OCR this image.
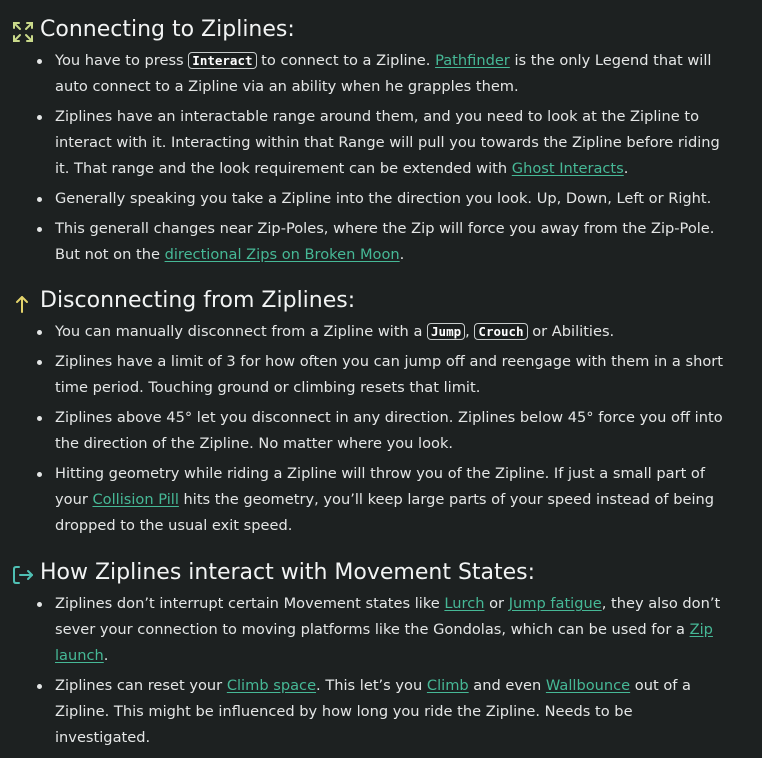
Connecting to Ziplines:
You have to press Interact to connect to a Zipline. Pathfinder is the only Legend that will auto connect to a Zipline via an ability when he grapples them.
Ziplines have an interactable range around them, and you need to look at the Zipline to interact with it. Interacting within that Range will pull you towards the Zipline before riding it. That range and the look requirement can be extended with Ghost Interacts.
Generally speaking you take a Zipline into the direction you look. Up, Down, Left or Right.
This generall changes near Zip-Poles, where the Zip will force you away from the Zip-Pole. But not on the directional Zips on Broken Moon.
Disconnecting from Ziplines:
You can manually disconnect from a Zipline with a Jump , Crouch or Abilities.
Ziplines have a limit of 3 for how often you can jump off and reengage with them in a short time period. Touching ground or climbing resets that limit.
Ziplines above 45° let you disconnect in any direction. Ziplines below 45° force you off into the direction of the Zipline. No matter where you look.
Hitting geometry while riding a Zipline will throw you of the Zipline. If just a small part of your Collision Pill hits the geometry, you’ll keep large parts of your speed instead of being dropped to the usual exit speed.
How Ziplines interact with Movement States:
Ziplines don’t interrupt certain Movement states like Lurch or Jump fatigue, they also don’t sever your connection to moving platforms like the Gondolas, which can be used for a Zip launch.
Ziplines can reset your Climb space. This let’s you Climb and even Wallbounce out of a Zipline. This might be influenced by how long you ride the Zipline. Needs to be investigated.
